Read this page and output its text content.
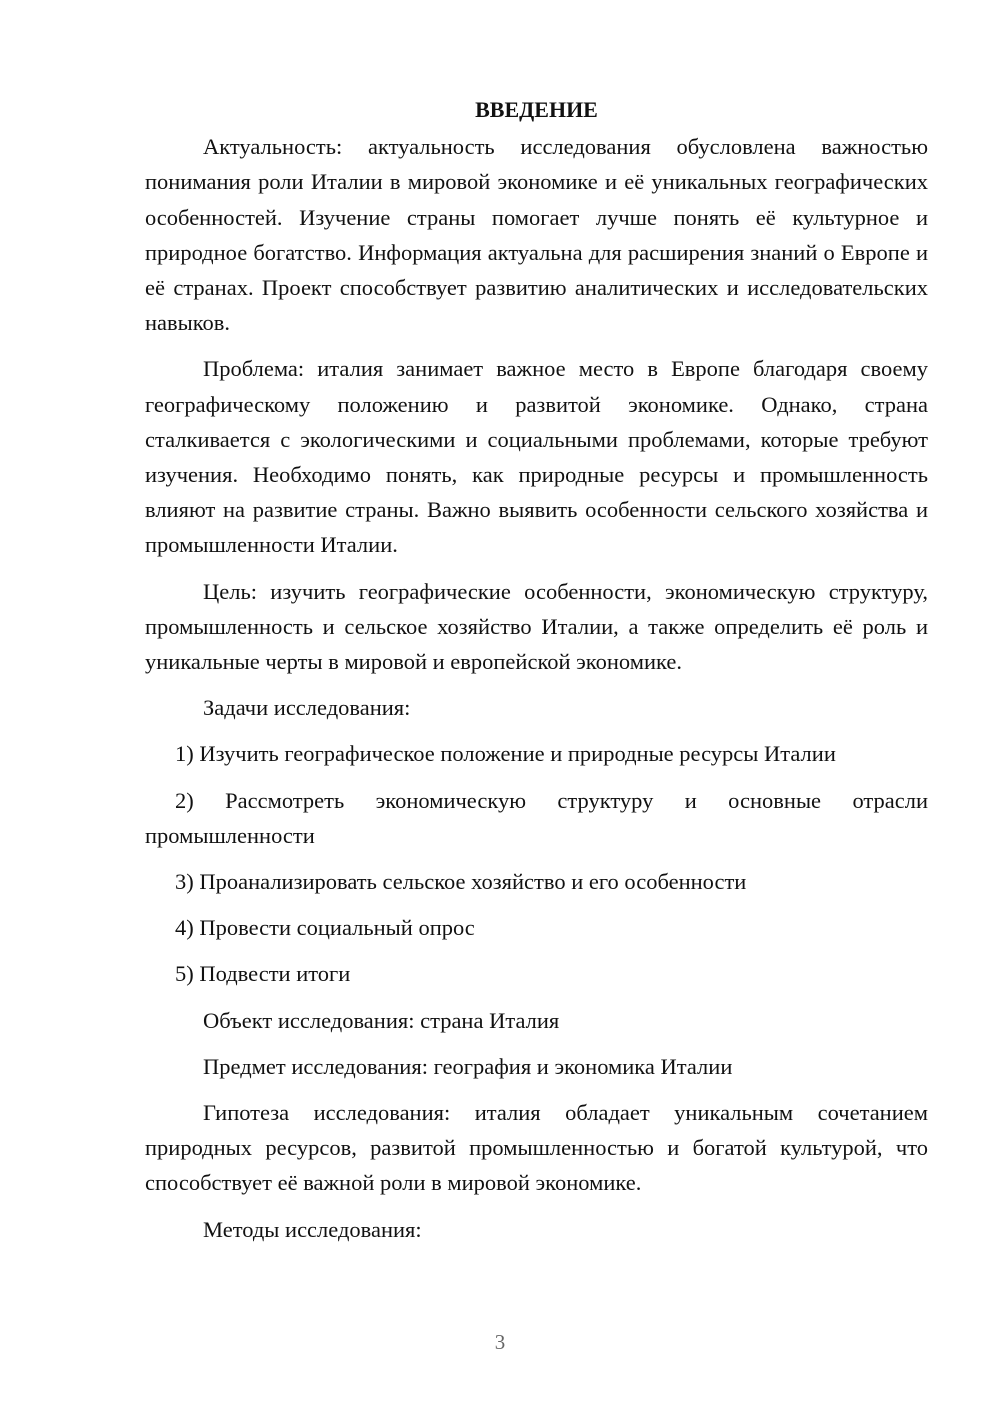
ВВЕДЕНИЕ

Актуальность: актуальность исследования обусловлена важностью понимания роли Италии в мировой экономике и её уникальных географических особенностей. Изучение страны помогает лучше понять её культурное и природное богатство. Информация актуальна для расширения знаний о Европе и её странах. Проект способствует развитию аналитических и исследовательских навыков.

Проблема: италия занимает важное место в Европе благодаря своему географическому положению и развитой экономике. Однако, страна сталкивается с экологическими и социальными проблемами, которые требуют изучения. Необходимо понять, как природные ресурсы и промышленность влияют на развитие страны. Важно выявить особенности сельского хозяйства и промышленности Италии.

Цель: изучить географические особенности, экономическую структуру, промышленность и сельское хозяйство Италии, а также определить её роль и уникальные черты в мировой и европейской экономике.

Задачи исследования:

1) Изучить географическое положение и природные ресурсы Италии

2) Рассмотреть экономическую структуру и основные отрасли промышленности

3) Проанализировать сельское хозяйство и его особенности

4) Провести социальный опрос

5) Подвести итоги

Объект исследования: страна Италия

Предмет исследования: география и экономика Италии

Гипотеза исследования: италия обладает уникальным сочетанием природных ресурсов, развитой промышленностью и богатой культурой, что способствует её важной роли в мировой экономике.

Методы исследования:

3
